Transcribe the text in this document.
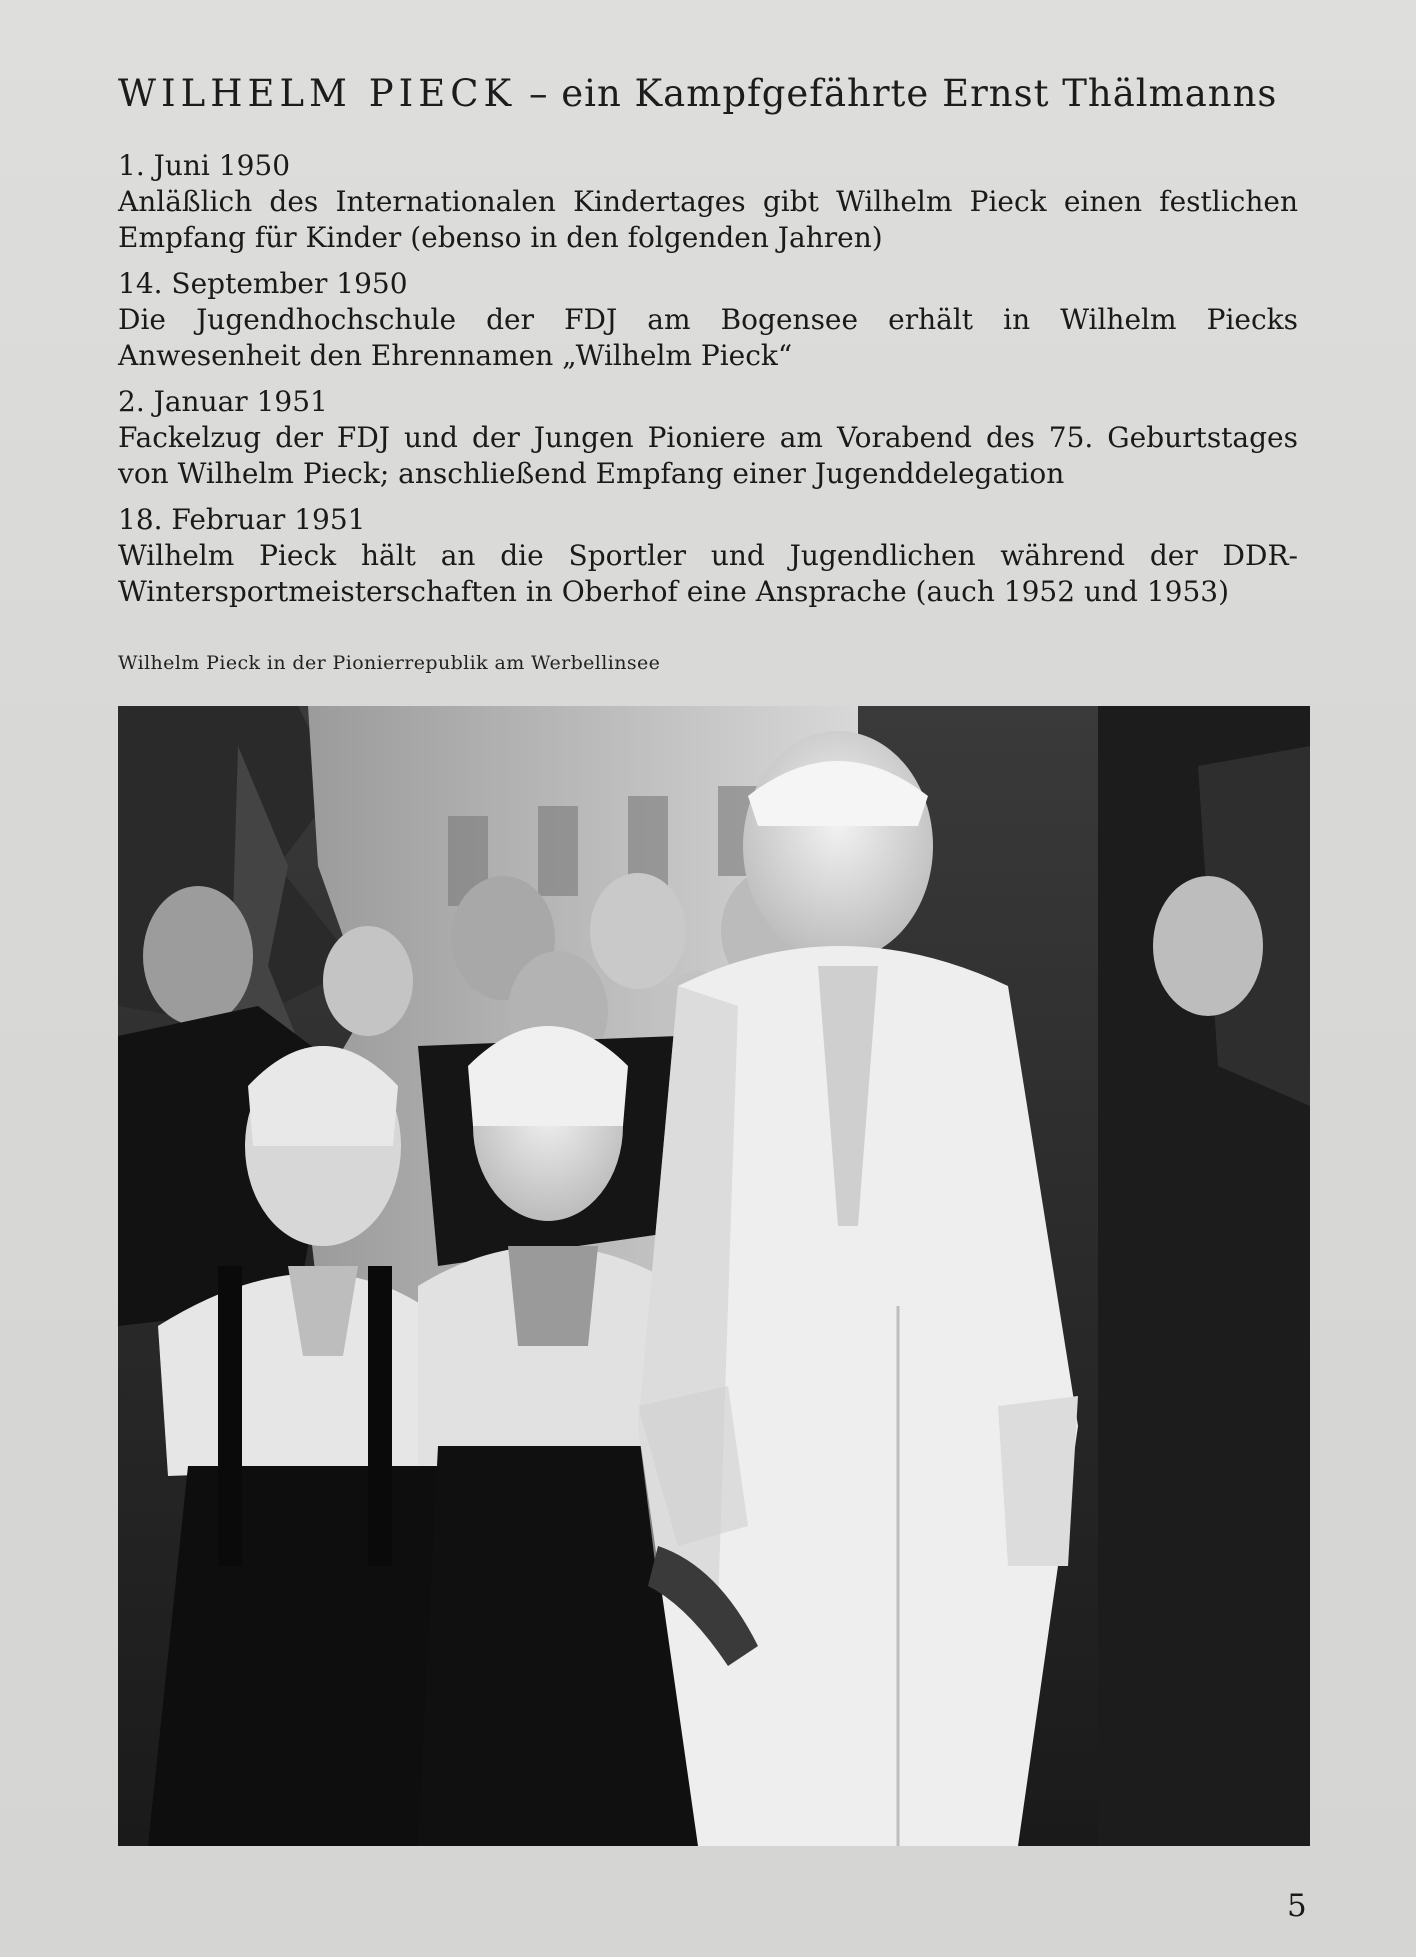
WILHELM PIECK – ein Kampfgefährte Ernst Thälmanns
1. Juni 1950
Anläßlich des Internationalen Kindertages gibt Wilhelm Pieck einen festlichen Empfang für Kinder (ebenso in den folgenden Jahren)
14. September 1950
Die Jugendhochschule der FDJ am Bogensee erhält in Wilhelm Piecks Anwesenheit den Ehrennamen „Wilhelm Pieck“
2. Januar 1951
Fackelzug der FDJ und der Jungen Pioniere am Vorabend des 75. Geburtstages von Wilhelm Pieck; anschließend Empfang einer Jugenddelegation
18. Februar 1951
Wilhelm Pieck hält an die Sportler und Jugendlichen während der DDR-Wintersportmeisterschaften in Oberhof eine Ansprache (auch 1952 und 1953)
Wilhelm Pieck in der Pionierrepublik am Werbellinsee
5
